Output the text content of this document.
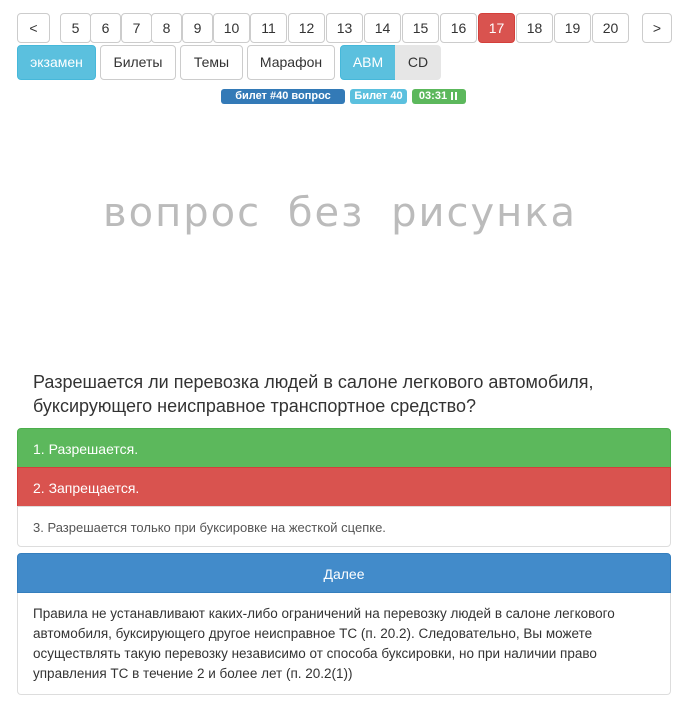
<	5	6	7	8	9	10	11	12	13	14	15	16	17	18	19	20	>
экзамен	Билеты	Темы	Марафон	ABM	CD
билет #40 вопрос #17
Билет 40	03:31
вопрос без рисунка
Разрешается ли перевозка людей в салоне легкового автомобиля, буксирующего неисправное транспортное средство?
1. Разрешается.
2. Запрещается.
3. Разрешается только при буксировке на жесткой сцепке.
Далее
Правила не устанавливают каких-либо ограничений на перевозку людей в салоне легкового автомобиля, буксирующего другое неисправное ТС (п. 20.2). Следовательно, Вы можете осуществлять такую перевозку независимо от способа буксировки, но при наличии право управления ТС в течение 2 и более лет (п. 20.2(1))
